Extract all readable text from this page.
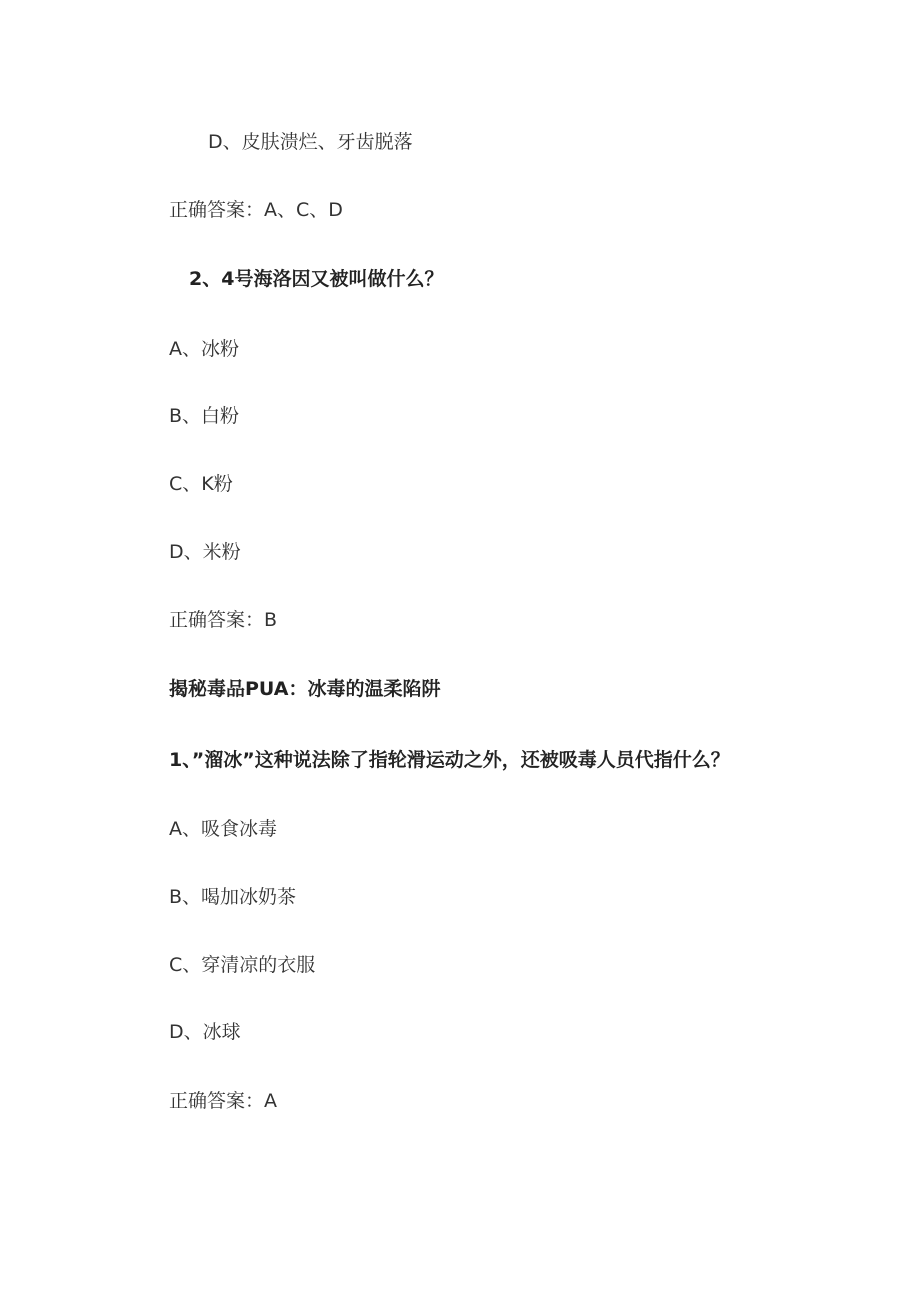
D、皮肤溃烂、牙齿脱落
正确答案：A、C、D
2、4号海洛因又被叫做什么？
A、冰粉
B、白粉
C、K粉
D、米粉
正确答案：B
揭秘毒品PUA：冰毒的温柔陷阱
1、”溜冰”这种说法除了指轮滑运动之外，还被吸毒人员代指什么？
A、吸食冰毒
B、喝加冰奶茶
C、穿清凉的衣服
D、冰球
正确答案：A
